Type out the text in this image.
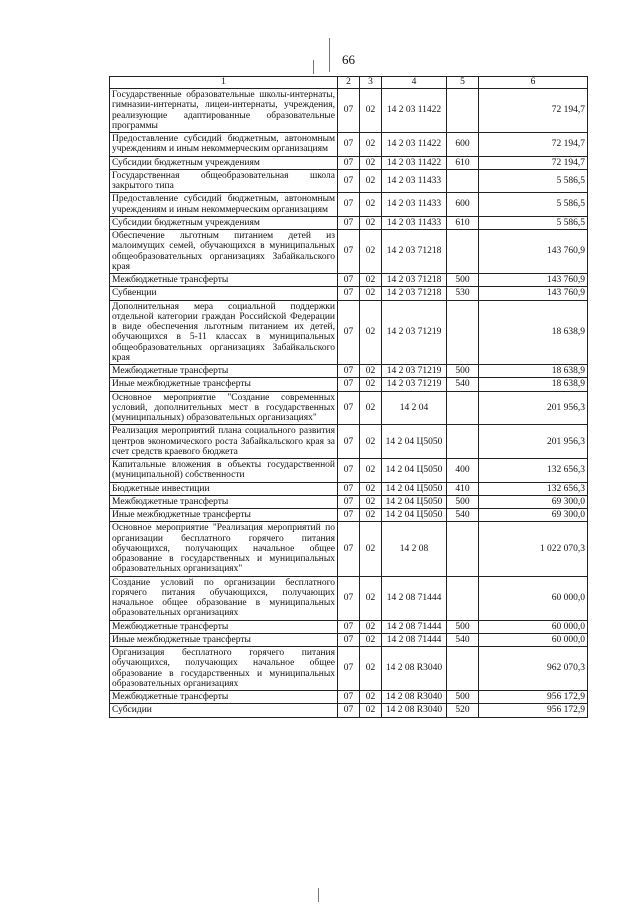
66
1	2	3	4	5	6
Государственные образовательные школы-интернаты, гимназии-интернаты, лицеи-интернаты, учреждения, реализующие адаптированные образовательные программы	07	02	14 2 03 11422		72 194,7
Предоставление субсидий бюджетным, автономным учреждениям и иным некоммерческим организациям	07	02	14 2 03 11422	600	72 194,7
Субсидии бюджетным учреждениям	07	02	14 2 03 11422	610	72 194,7
Государственная общеобразовательная школа закрытого типа	07	02	14 2 03 11433		5 586,5
Предоставление субсидий бюджетным, автономным учреждениям и иным некоммерческим организациям	07	02	14 2 03 11433	600	5 586,5
Субсидии бюджетным учреждениям	07	02	14 2 03 11433	610	5 586,5
Обеспечение льготным питанием детей из малоимущих семей, обучающихся в муниципальных общеобразовательных организациях Забайкальского края	07	02	14 2 03 71218		143 760,9
Межбюджетные трансферты	07	02	14 2 03 71218	500	143 760,9
Субвенции	07	02	14 2 03 71218	530	143 760,9
Дополнительная мера социальной поддержки отдельной категории граждан Российской Федерации в виде обеспечения льготным питанием их детей, обучающихся в 5-11 классах в муниципальных общеобразовательных организациях Забайкальского края	07	02	14 2 03 71219		18 638,9
Межбюджетные трансферты	07	02	14 2 03 71219	500	18 638,9
Иные межбюджетные трансферты	07	02	14 2 03 71219	540	18 638,9
Основное мероприятие "Создание современных условий, дополнительных мест в государственных (муниципальных) образовательных организациях"	07	02	14 2 04		201 956,3
Реализация мероприятий плана социального развития центров экономического роста Забайкальского края за счет средств краевого бюджета	07	02	14 2 04 Ц5050		201 956,3
Капитальные вложения в объекты государственной (муниципальной) собственности	07	02	14 2 04 Ц5050	400	132 656,3
Бюджетные инвестиции	07	02	14 2 04 Ц5050	410	132 656,3
Межбюджетные трансферты	07	02	14 2 04 Ц5050	500	69 300,0
Иные межбюджетные трансферты	07	02	14 2 04 Ц5050	540	69 300,0
Основное мероприятие "Реализация мероприятий по организации бесплатного горячего питания обучающихся, получающих начальное общее образование в государственных и муниципальных образовательных организациях"	07	02	14 2 08		1 022 070,3
Создание условий по организации бесплатного горячего питания обучающихся, получающих начальное общее образование в муниципальных образовательных организациях	07	02	14 2 08 71444		60 000,0
Межбюджетные трансферты	07	02	14 2 08 71444	500	60 000,0
Иные межбюджетные трансферты	07	02	14 2 08 71444	540	60 000,0
Организация бесплатного горячего питания обучающихся, получающих начальное общее образование в государственных и муниципальных образовательных организациях	07	02	14 2 08 R3040		962 070,3
Межбюджетные трансферты	07	02	14 2 08 R3040	500	956 172,9
Субсидии	07	02	14 2 08 R3040	520	956 172,9
